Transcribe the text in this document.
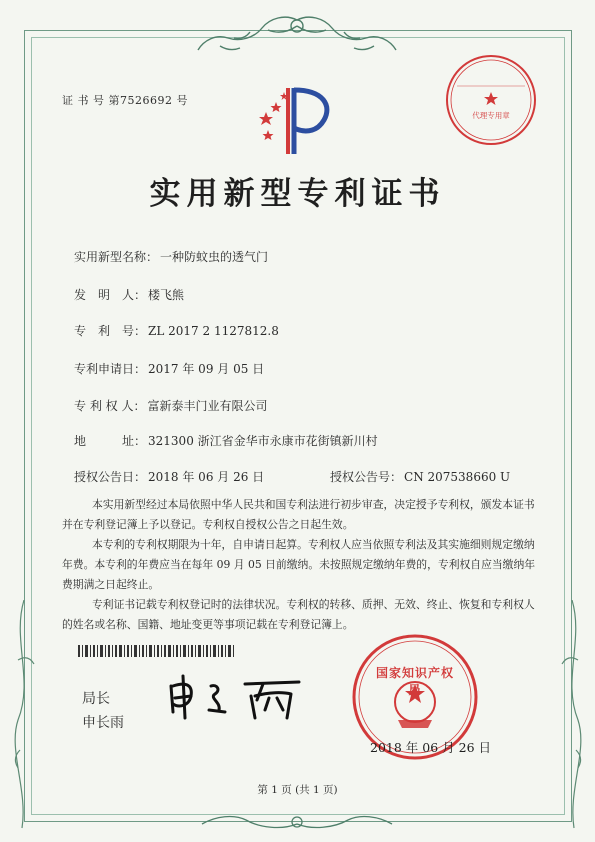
证 书 号 第7526692 号
代理专用章
实用新型专利证书
实用新型名称： 一种防蚊虫的透气门
发　明　人： 楼飞熊
专　利　号： ZL 2017 2 1127812.8
专利申请日： 2017 年 09 月 05 日
专 利 权 人： 富新泰丰门业有限公司
地　　　址： 321300 浙江省金华市永康市花街镇新川村
授权公告日： 2018 年 06 月 26 日	授权公告号： CN 207538660 U

本实用新型经过本局依照中华人民共和国专利法进行初步审查，决定授予专利权，颁发本证书并在专利登记簿上予以登记。专利权自授权公告之日起生效。

本专利的专利权期限为十年，自申请日起算。专利权人应当依照专利法及其实施细则规定缴纳年费。本专利的年费应当在每年 09 月 05 日前缴纳。未按照规定缴纳年费的，专利权自应当缴纳年费期满之日起终止。

专利证书记载专利权登记时的法律状况。专利权的转移、质押、无效、终止、恢复和专利权人的姓名或名称、国籍、地址变更等事项记载在专利登记簿上。

局长
申长雨
国家知识产权局
2018 年 06 月 26 日
第 1 页 (共 1 页)
